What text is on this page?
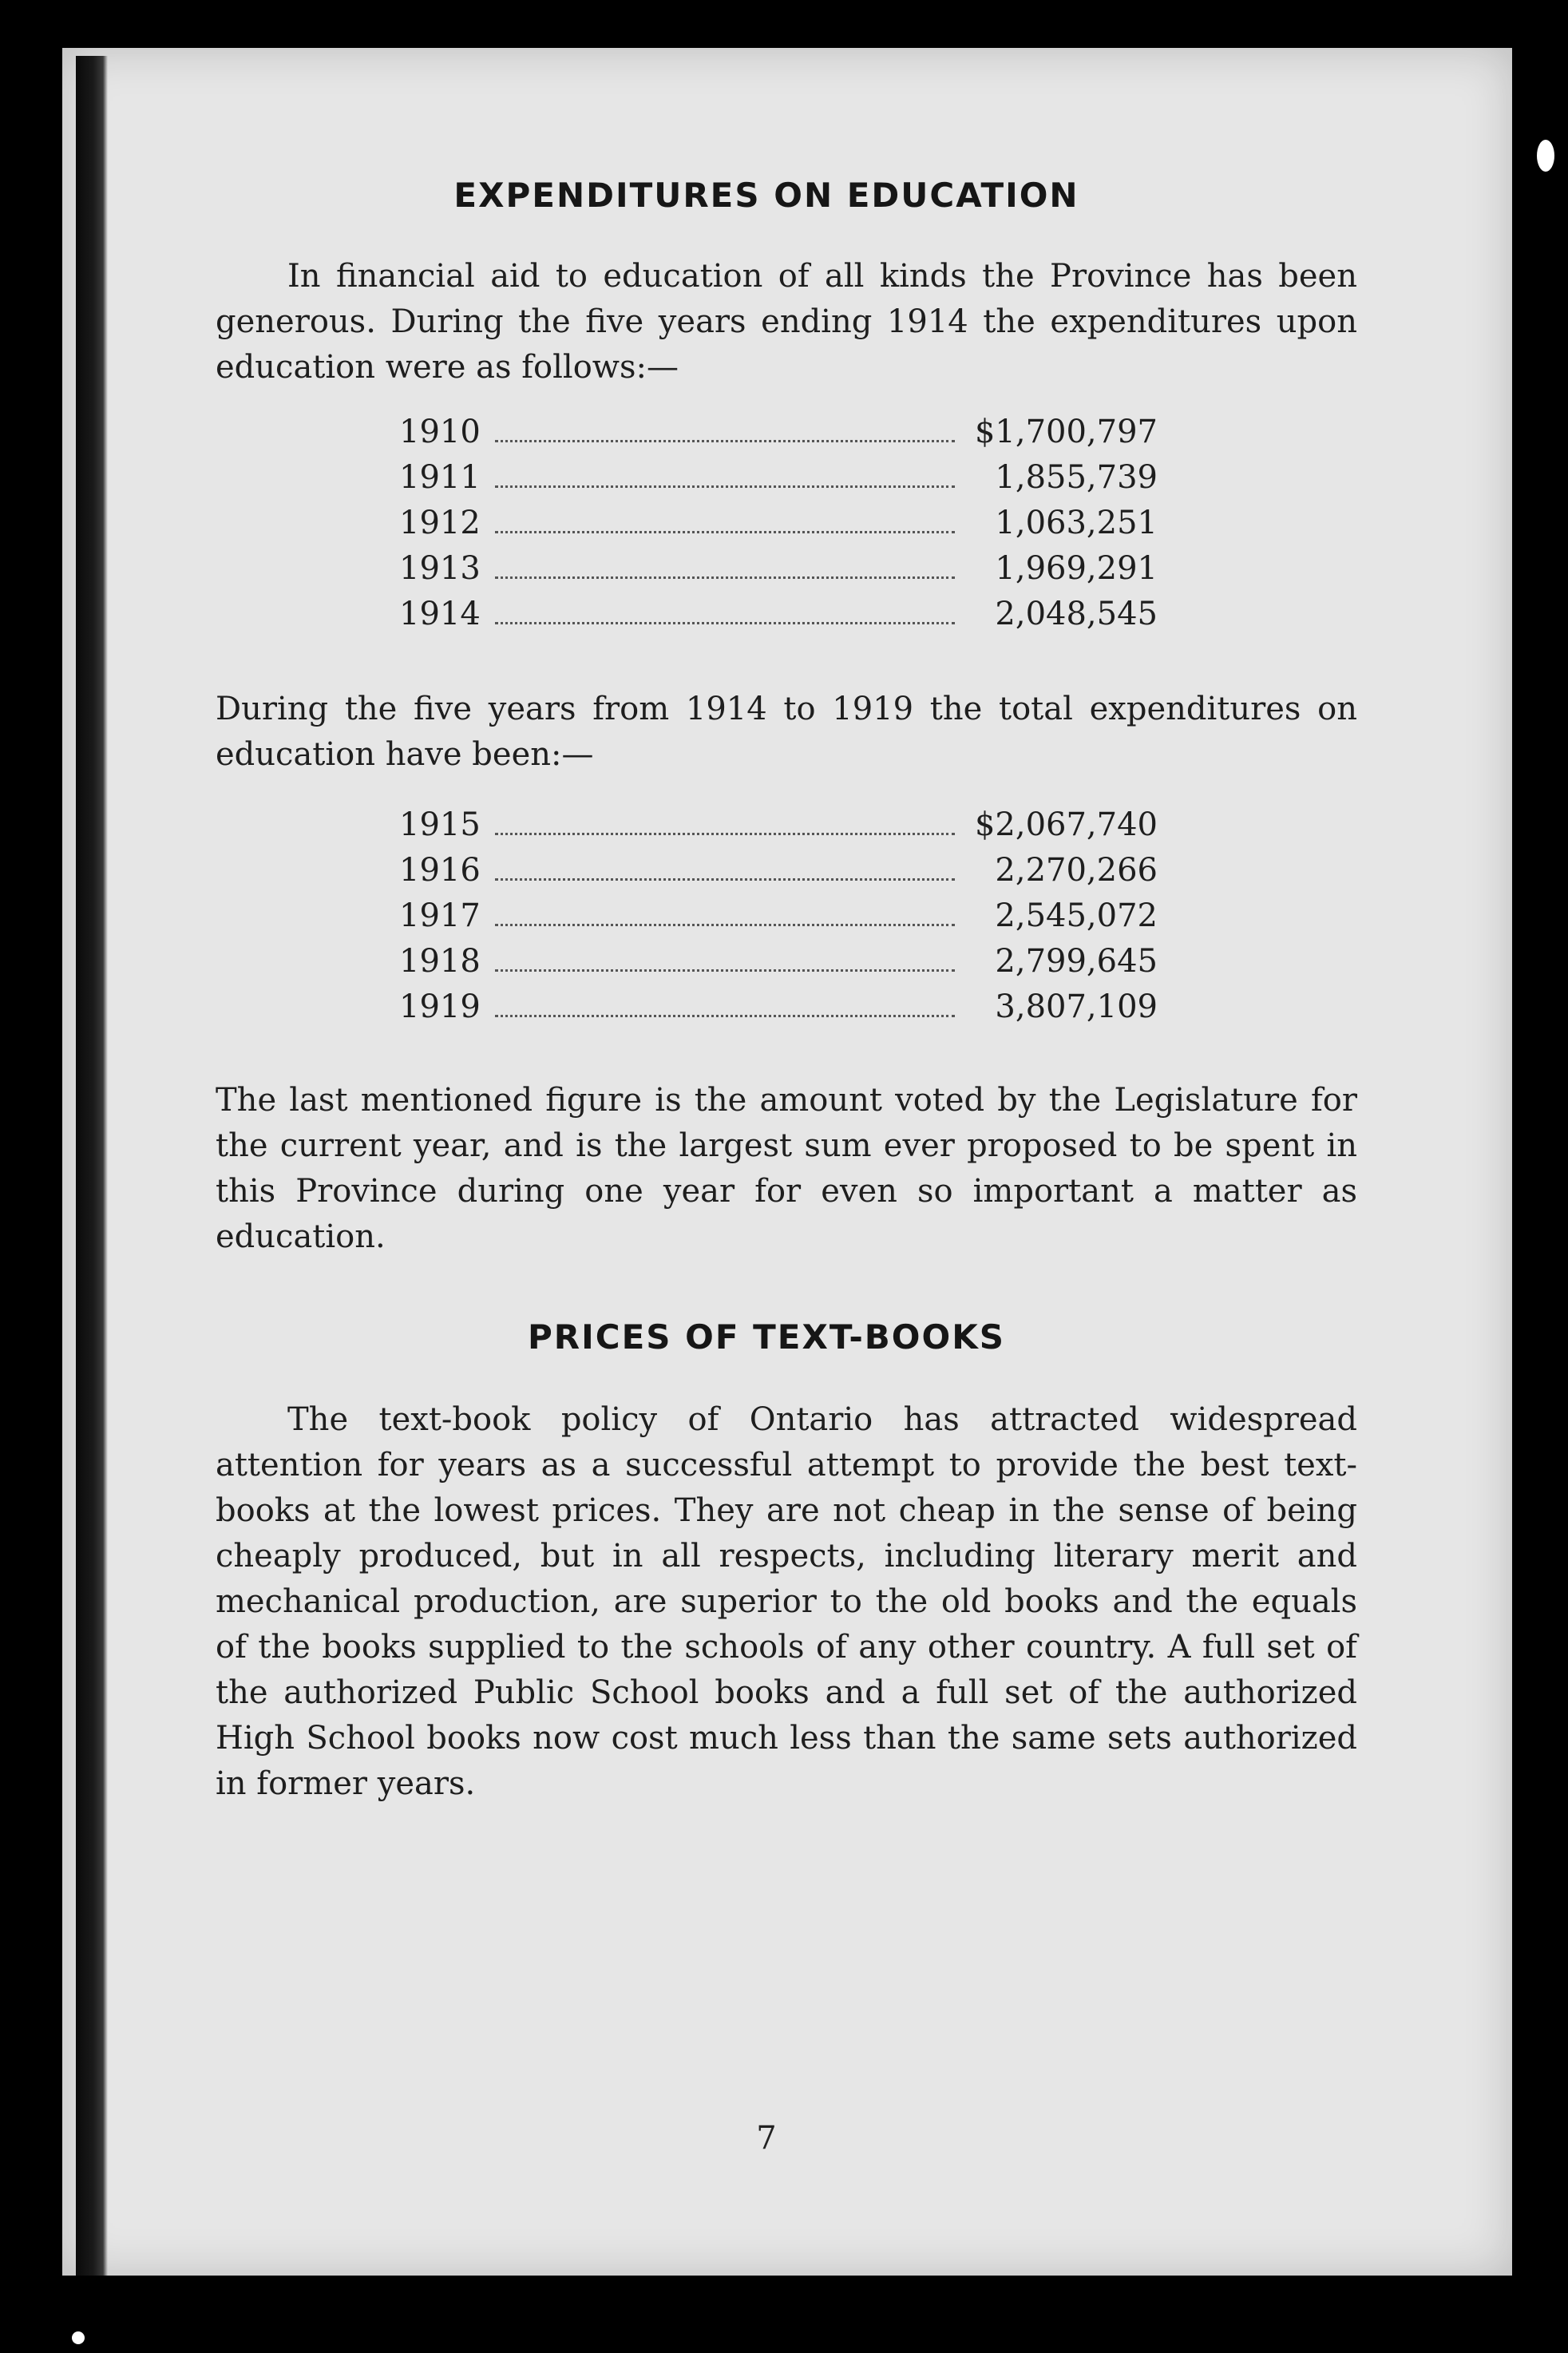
EXPENDITURES ON EDUCATION

In financial aid to education of all kinds the Province has been generous. During the five years ending 1914 the expenditures upon education were as follows:—

1910	$1,700,797
1911	1,855,739
1912	1,063,251
1913	1,969,291
1914	2,048,545

During the five years from 1914 to 1919 the total expenditures on education have been:—

1915	$2,067,740
1916	2,270,266
1917	2,545,072
1918	2,799,645
1919	3,807,109

The last mentioned figure is the amount voted by the Legislature for the current year, and is the largest sum ever proposed to be spent in this Province during one year for even so important a matter as education.

PRICES OF TEXT-BOOKS

The text-book policy of Ontario has attracted widespread attention for years as a successful attempt to provide the best text-books at the lowest prices. They are not cheap in the sense of being cheaply produced, but in all respects, including literary merit and mechanical production, are superior to the old books and the equals of the books supplied to the schools of any other country. A full set of the authorized Public School books and a full set of the authorized High School books now cost much less than the same sets authorized in former years.

7
